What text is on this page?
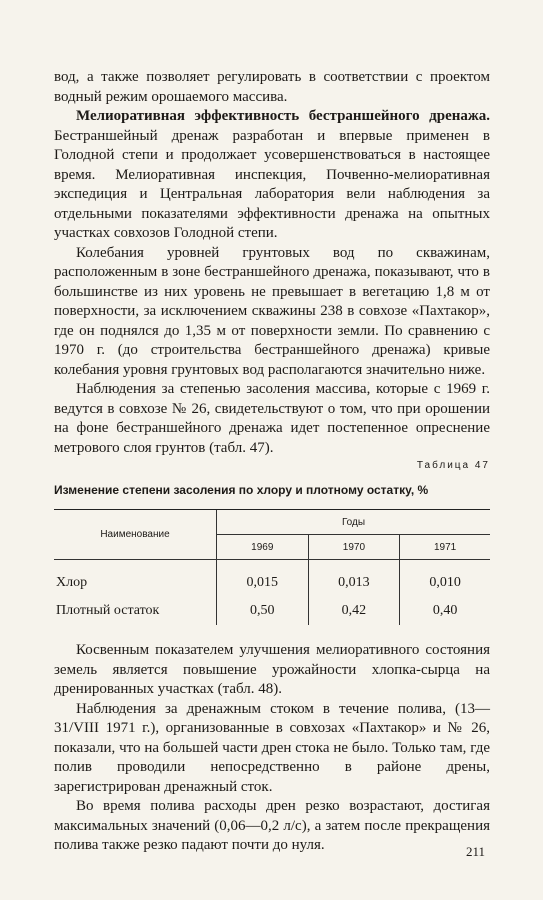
вод, а также позволяет регулировать в соответствии с проектом водный режим орошаемого массива.

Мелиоративная эффективность бестраншейного дренажа. Бестраншейный дренаж разработан и впервые применен в Голодной степи и продолжает усовершенствоваться в настоящее время. Мелиоративная инспекция, Почвенно-мелиоративная экспедиция и Центральная лаборатория вели наблюдения за отдельными показателями эффективности дренажа на опытных участках совхозов Голодной степи.

Колебания уровней грунтовых вод по скважинам, расположенным в зоне бестраншейного дренажа, показывают, что в большинстве из них уровень не превышает в вегетацию 1,8 м от поверхности, за исключением скважины 238 в совхозе «Пахтакор», где он поднялся до 1,35 м от поверхности земли. По сравнению с 1970 г. (до строительства бестраншейного дренажа) кривые колебания уровня грунтовых вод располагаются значительно ниже.

Наблюдения за степенью засоления массива, которые с 1969 г. ведутся в совхозе № 26, свидетельствуют о том, что при орошении на фоне бестраншейного дренажа идет постепенное опреснение метрового слоя грунтов (табл. 47).

Таблица 47
Изменение степени засоления по хлору и плотному остатку, %
Наименование	Годы		
	1969	1970	1971
Хлор	0,015	0,013	0,010
Плотный остаток	0,50	0,42	0,40

Косвенным показателем улучшения мелиоративного состояния земель является повышение урожайности хлопка-сырца на дренированных участках (табл. 48).

Наблюдения за дренажным стоком в течение полива, (13—31/VIII 1971 г.), организованные в совхозах «Пахтакор» и № 26, показали, что на большей части дрен стока не было. Только там, где полив проводили непосредственно в районе дрены, зарегистрирован дренажный сток.

Во время полива расходы дрен резко возрастают, достигая максимальных значений (0,06—0,2 л/с), а затем после прекращения полива также резко падают почти до нуля.	211
